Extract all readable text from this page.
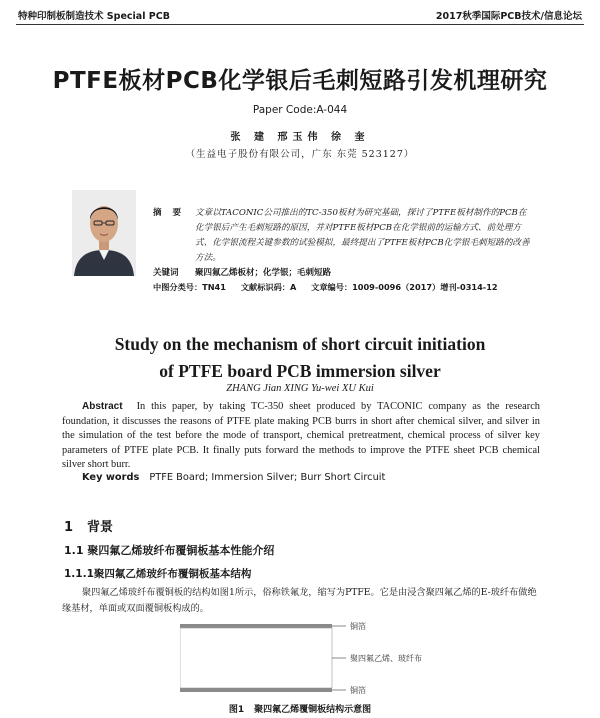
特种印制板制造技术 Special PCB	2017秋季国际PCB技术/信息论坛
PTFE板材PCB化学银后毛刺短路引发机理研究
Paper Code:A-044
张 建 邢玉伟 徐 奎
（生益电子股份有限公司，广东 东莞 523127）
摘 要 文章以TACONIC公司推出的TC-350板材为研究基础，探讨了PTFE板材制作的PCB在化学银后产生毛刺短路的原因，并对PTFE板材PCB在化学银前的运输方式、前处理方式、化学银流程关键参数的试验模拟，最终提出了PTFE板材PCB化学银毛刺短路的改善方法。
关键词 聚四氟乙烯板材；化学银；毛刺短路
中图分类号：TN41 文献标识码：A 文章编号：1009-0096（2017）增刊-0314-12
Study on the mechanism of short circuit initiation
of PTFE board PCB immersion silver
ZHANG Jian XING Yu-wei XU Kui
Abstract In this paper, by taking TC-350 sheet produced by TACONIC company as the research foundation, it discusses the reasons of PTFE plate making PCB burrs in short after chemical silver, and silver in the simulation of the test before the mode of transport, chemical pretreatment, chemical process of silver key parameters of PTFE plate PCB. It finally puts forward the methods to improve the PTFE sheet PCB chemical silver short burr.
Key words PTFE Board; Immersion Silver; Burr Short Circuit
1 背景
1.1 聚四氟乙烯玻纤布覆铜板基本性能介绍
1.1.1聚四氟乙烯玻纤布覆铜板基本结构
聚四氟乙烯玻纤布覆铜板的结构如图1所示，俗称铁氟龙，缩写为PTFE。它是由浸含聚四氟乙烯的E-玻纤布做绝缘基材，单面或双面覆铜板构成的。
铜箔
聚四氟乙烯、玻纤布
铜箔
图1 聚四氟乙烯覆铜板结构示意图
